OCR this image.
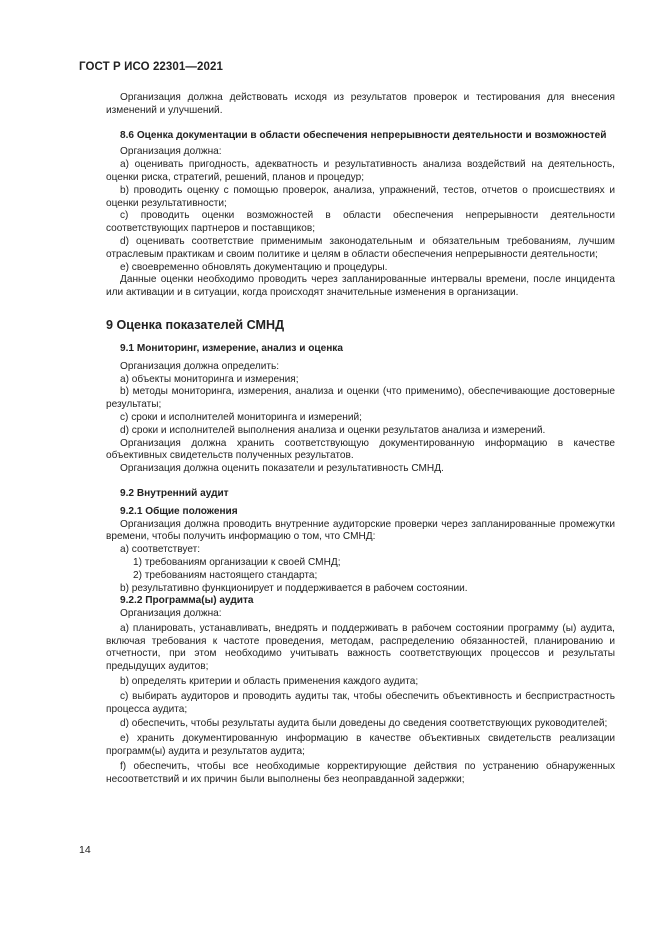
ГОСТ Р ИСО 22301—2021

Организация должна действовать исходя из результатов проверок и тестирования для внесения изменений и улучшений.

8.6 Оценка документации в области обеспечения непрерывности деятельности и возможностей

Организация должна:

a) оценивать пригодность, адекватность и результативность анализа воздействий на деятельность, оценки риска, стратегий, решений, планов и процедур;

b) проводить оценку с помощью проверок, анализа, упражнений, тестов, отчетов о происшествиях и оценки результативности;

c) проводить оценки возможностей в области обеспечения непрерывности деятельности соответствующих партнеров и поставщиков;

d) оценивать соответствие применимым законодательным и обязательным требованиям, лучшим отраслевым практикам и своим политике и целям в области обеспечения непрерывности деятельности;

e) своевременно обновлять документацию и процедуры.

Данные оценки необходимо проводить через запланированные интервалы времени, после инцидента или активации и в ситуации, когда происходят значительные изменения в организации.

9 Оценка показателей СМНД

9.1 Мониторинг, измерение, анализ и оценка

Организация должна определить:

a) объекты мониторинга и измерения;

b) методы мониторинга, измерения, анализа и оценки (что применимо), обеспечивающие достоверные результаты;

c) сроки и исполнителей мониторинга и измерений;

d) сроки и исполнителей выполнения анализа и оценки результатов анализа и измерений.

Организация должна хранить соответствующую документированную информацию в качестве объективных свидетельств полученных результатов.

Организация должна оценить показатели и результативность СМНД.

9.2 Внутренний аудит

9.2.1 Общие положения

Организация должна проводить внутренние аудиторские проверки через запланированные промежутки времени, чтобы получить информацию о том, что СМНД:

a) соответствует:

1) требованиям организации к своей СМНД;

2) требованиям настоящего стандарта;

b) результативно функционирует и поддерживается в рабочем состоянии.

9.2.2 Программа(ы) аудита

Организация должна:

a) планировать, устанавливать, внедрять и поддерживать в рабочем состоянии программу (ы) аудита, включая требования к частоте проведения, методам, распределению обязанностей, планированию и отчетности, при этом необходимо учитывать важность соответствующих процессов и результаты предыдущих аудитов;

b) определять критерии и область применения каждого аудита;

c) выбирать аудиторов и проводить аудиты так, чтобы обеспечить объективность и беспристрастность процесса аудита;

d) обеспечить, чтобы результаты аудита были доведены до сведения соответствующих руководителей;

e) хранить документированную информацию в качестве объективных свидетельств реализации программ(ы) аудита и результатов аудита;

f) обеспечить, чтобы все необходимые корректирующие действия по устранению обнаруженных несоответствий и их причин были выполнены без неоправданной задержки;

14
